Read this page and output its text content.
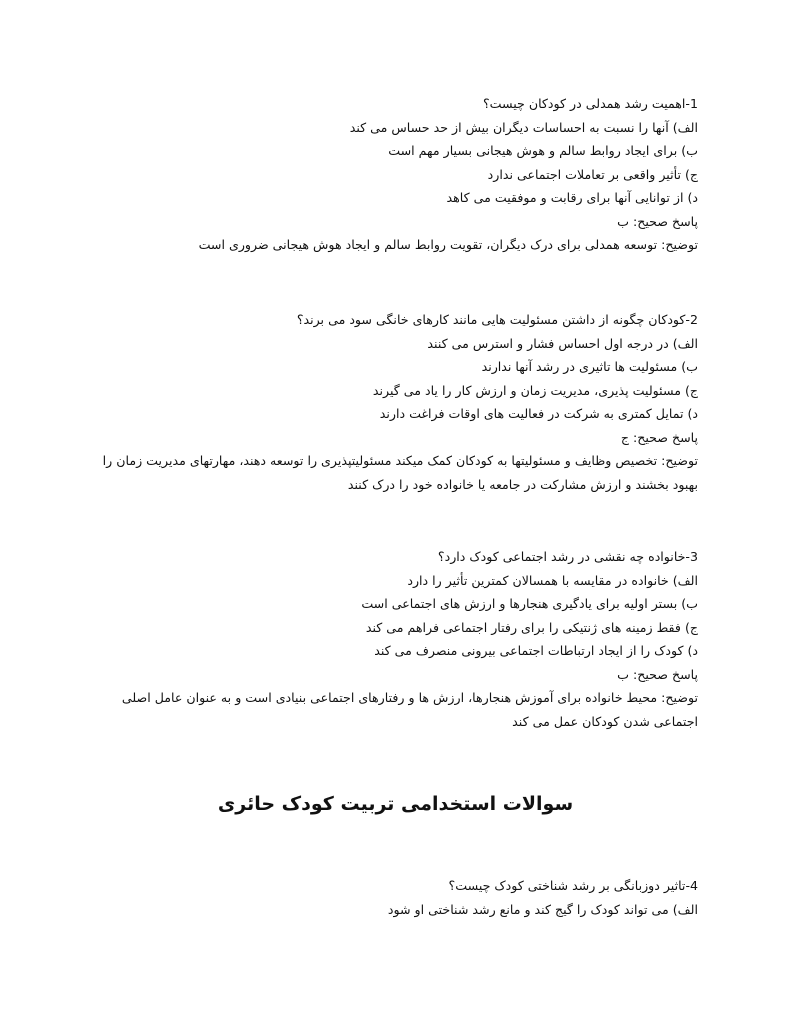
1-اهمیت رشد همدلی در کودکان چیست؟
الف) آنها را نسبت به احساسات دیگران بیش از حد حساس می کند
ب) برای ایجاد روابط سالم و هوش هیجانی بسیار مهم است
ج) تأثیر واقعی بر تعاملات اجتماعی ندارد
د) از توانایی آنها برای رقابت و موفقیت می کاهد
پاسخ صحیح: ب
توضیح: توسعه همدلی برای درک دیگران، تقویت روابط سالم و ایجاد هوش هیجانی ضروری است
2-کودکان چگونه از داشتن مسئولیت هایی مانند کارهای خانگی سود می برند؟
الف) در درجه اول احساس فشار و استرس می کنند
ب) مسئولیت ها تاثیری در رشد آنها ندارند
ج) مسئولیت پذیری، مدیریت زمان و ارزش کار را یاد می گیرند
د) تمایل کمتری به شرکت در فعالیت های اوقات فراغت دارند
پاسخ صحیح: ج
توضیح: تخصیص وظایف و مسئولیتها به کودکان کمک میکند مسئولیتپذیری را توسعه دهند، مهارتهای مدیریت زمان را بهبود بخشند و ارزش مشارکت در جامعه یا خانواده خود را درک کنند
3-خانواده چه نقشی در رشد اجتماعی کودک دارد؟
الف) خانواده در مقایسه با همسالان کمترین تأثیر را دارد
ب) بستر اولیه برای یادگیری هنجارها و ارزش های اجتماعی است
ج) فقط زمینه های ژنتیکی را برای رفتار اجتماعی فراهم می کند
د) کودک را از ایجاد ارتباطات اجتماعی بیرونی منصرف می کند
پاسخ صحیح: ب
توضیح: محیط خانواده برای آموزش هنجارها، ارزش ها و رفتارهای اجتماعی بنیادی است و به عنوان عامل اصلی اجتماعی شدن کودکان عمل می کند
سوالات استخدامی تربیت کودک حائری
4-تاثیر دوزبانگی بر رشد شناختی کودک چیست؟
الف) می تواند کودک را گیج کند و مانع رشد شناختی او شود
